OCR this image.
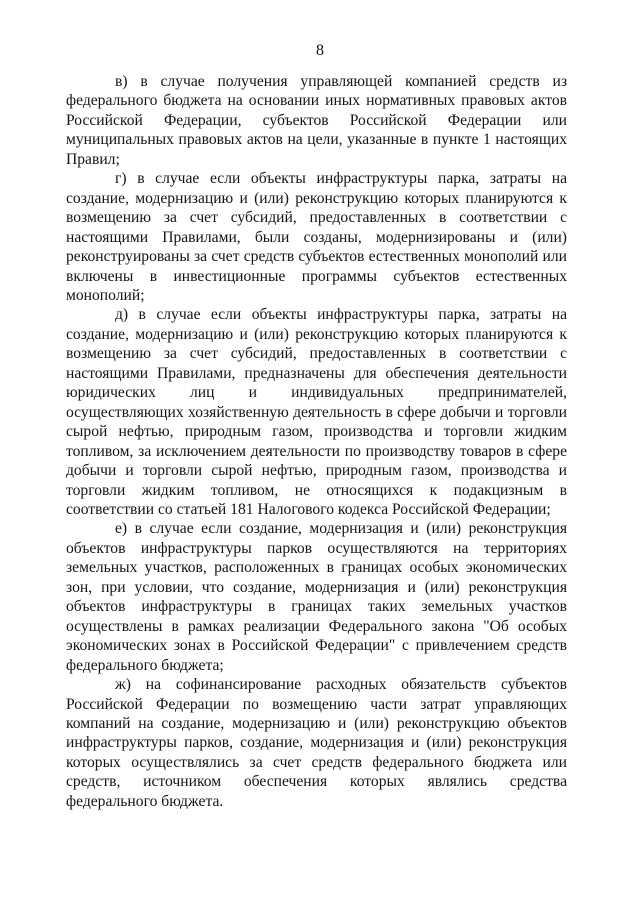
8

в) в случае получения управляющей компанией средств из федерального бюджета на основании иных нормативных правовых актов Российской Федерации, субъектов Российской Федерации или муниципальных правовых актов на цели, указанные в пункте 1 настоящих Правил;

г) в случае если объекты инфраструктуры парка, затраты на создание, модернизацию и (или) реконструкцию которых планируются к возмещению за счет субсидий, предоставленных в соответствии с настоящими Правилами, были созданы, модернизированы и (или) реконструированы за счет средств субъектов естественных монополий или включены в инвестиционные программы субъектов естественных монополий;

д) в случае если объекты инфраструктуры парка, затраты на создание, модернизацию и (или) реконструкцию которых планируются к возмещению за счет субсидий, предоставленных в соответствии с настоящими Правилами, предназначены для обеспечения деятельности юридических лиц и индивидуальных предпринимателей, осуществляющих хозяйственную деятельность в сфере добычи и торговли сырой нефтью, природным газом, производства и торговли жидким топливом, за исключением деятельности по производству товаров в сфере добычи и торговли сырой нефтью, природным газом, производства и торговли жидким топливом, не относящихся к подакцизным в соответствии со статьей 181 Налогового кодекса Российской Федерации;

е) в случае если создание, модернизация и (или) реконструкция объектов инфраструктуры парков осуществляются на территориях земельных участков, расположенных в границах особых экономических зон, при условии, что создание, модернизация и (или) реконструкция объектов инфраструктуры в границах таких земельных участков осуществлены в рамках реализации Федерального закона "Об особых экономических зонах в Российской Федерации" с привлечением средств федерального бюджета;

ж) на софинансирование расходных обязательств субъектов Российской Федерации по возмещению части затрат управляющих компаний на создание, модернизацию и (или) реконструкцию объектов инфраструктуры парков, создание, модернизация и (или) реконструкция которых осуществлялись за счет средств федерального бюджета или средств, источником обеспечения которых являлись средства федерального бюджета.
